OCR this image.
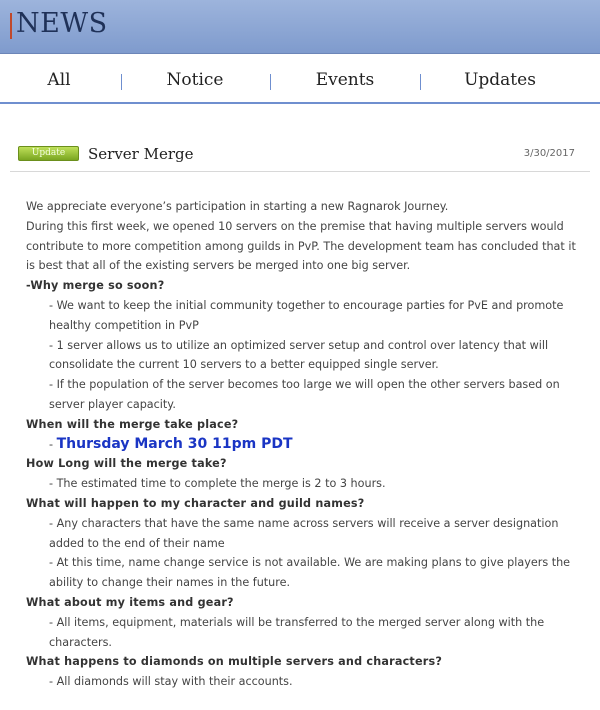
NEWS
All	Notice	Events	Updates
Update	Server Merge	3/30/2017

We appreciate everyone’s participation in starting a new Ragnarok Journey.

During this first week, we opened 10 servers on the premise that having multiple servers would contribute to more competition among guilds in PvP. The development team has concluded that it is best that all of the existing servers be merged into one big server.

-Why merge so soon?

- We want to keep the initial community together to encourage parties for PvE and promote healthy competition in PvP

- 1 server allows us to utilize an optimized server setup and control over latency that will consolidate the current 10 servers to a better equipped single server.

- If the population of the server becomes too large we will open the other servers based on server player capacity.

When will the merge take place?

- Thursday March 30 11pm PDT

How Long will the merge take?

- The estimated time to complete the merge is 2 to 3 hours.

What will happen to my character and guild names?

- Any characters that have the same name across servers will receive a server designation added to the end of their name

- At this time, name change service is not available. We are making plans to give players the ability to change their names in the future.

What about my items and gear?

- All items, equipment, materials will be transferred to the merged server along with the characters.

What happens to diamonds on multiple servers and characters?

- All diamonds will stay with their accounts.
